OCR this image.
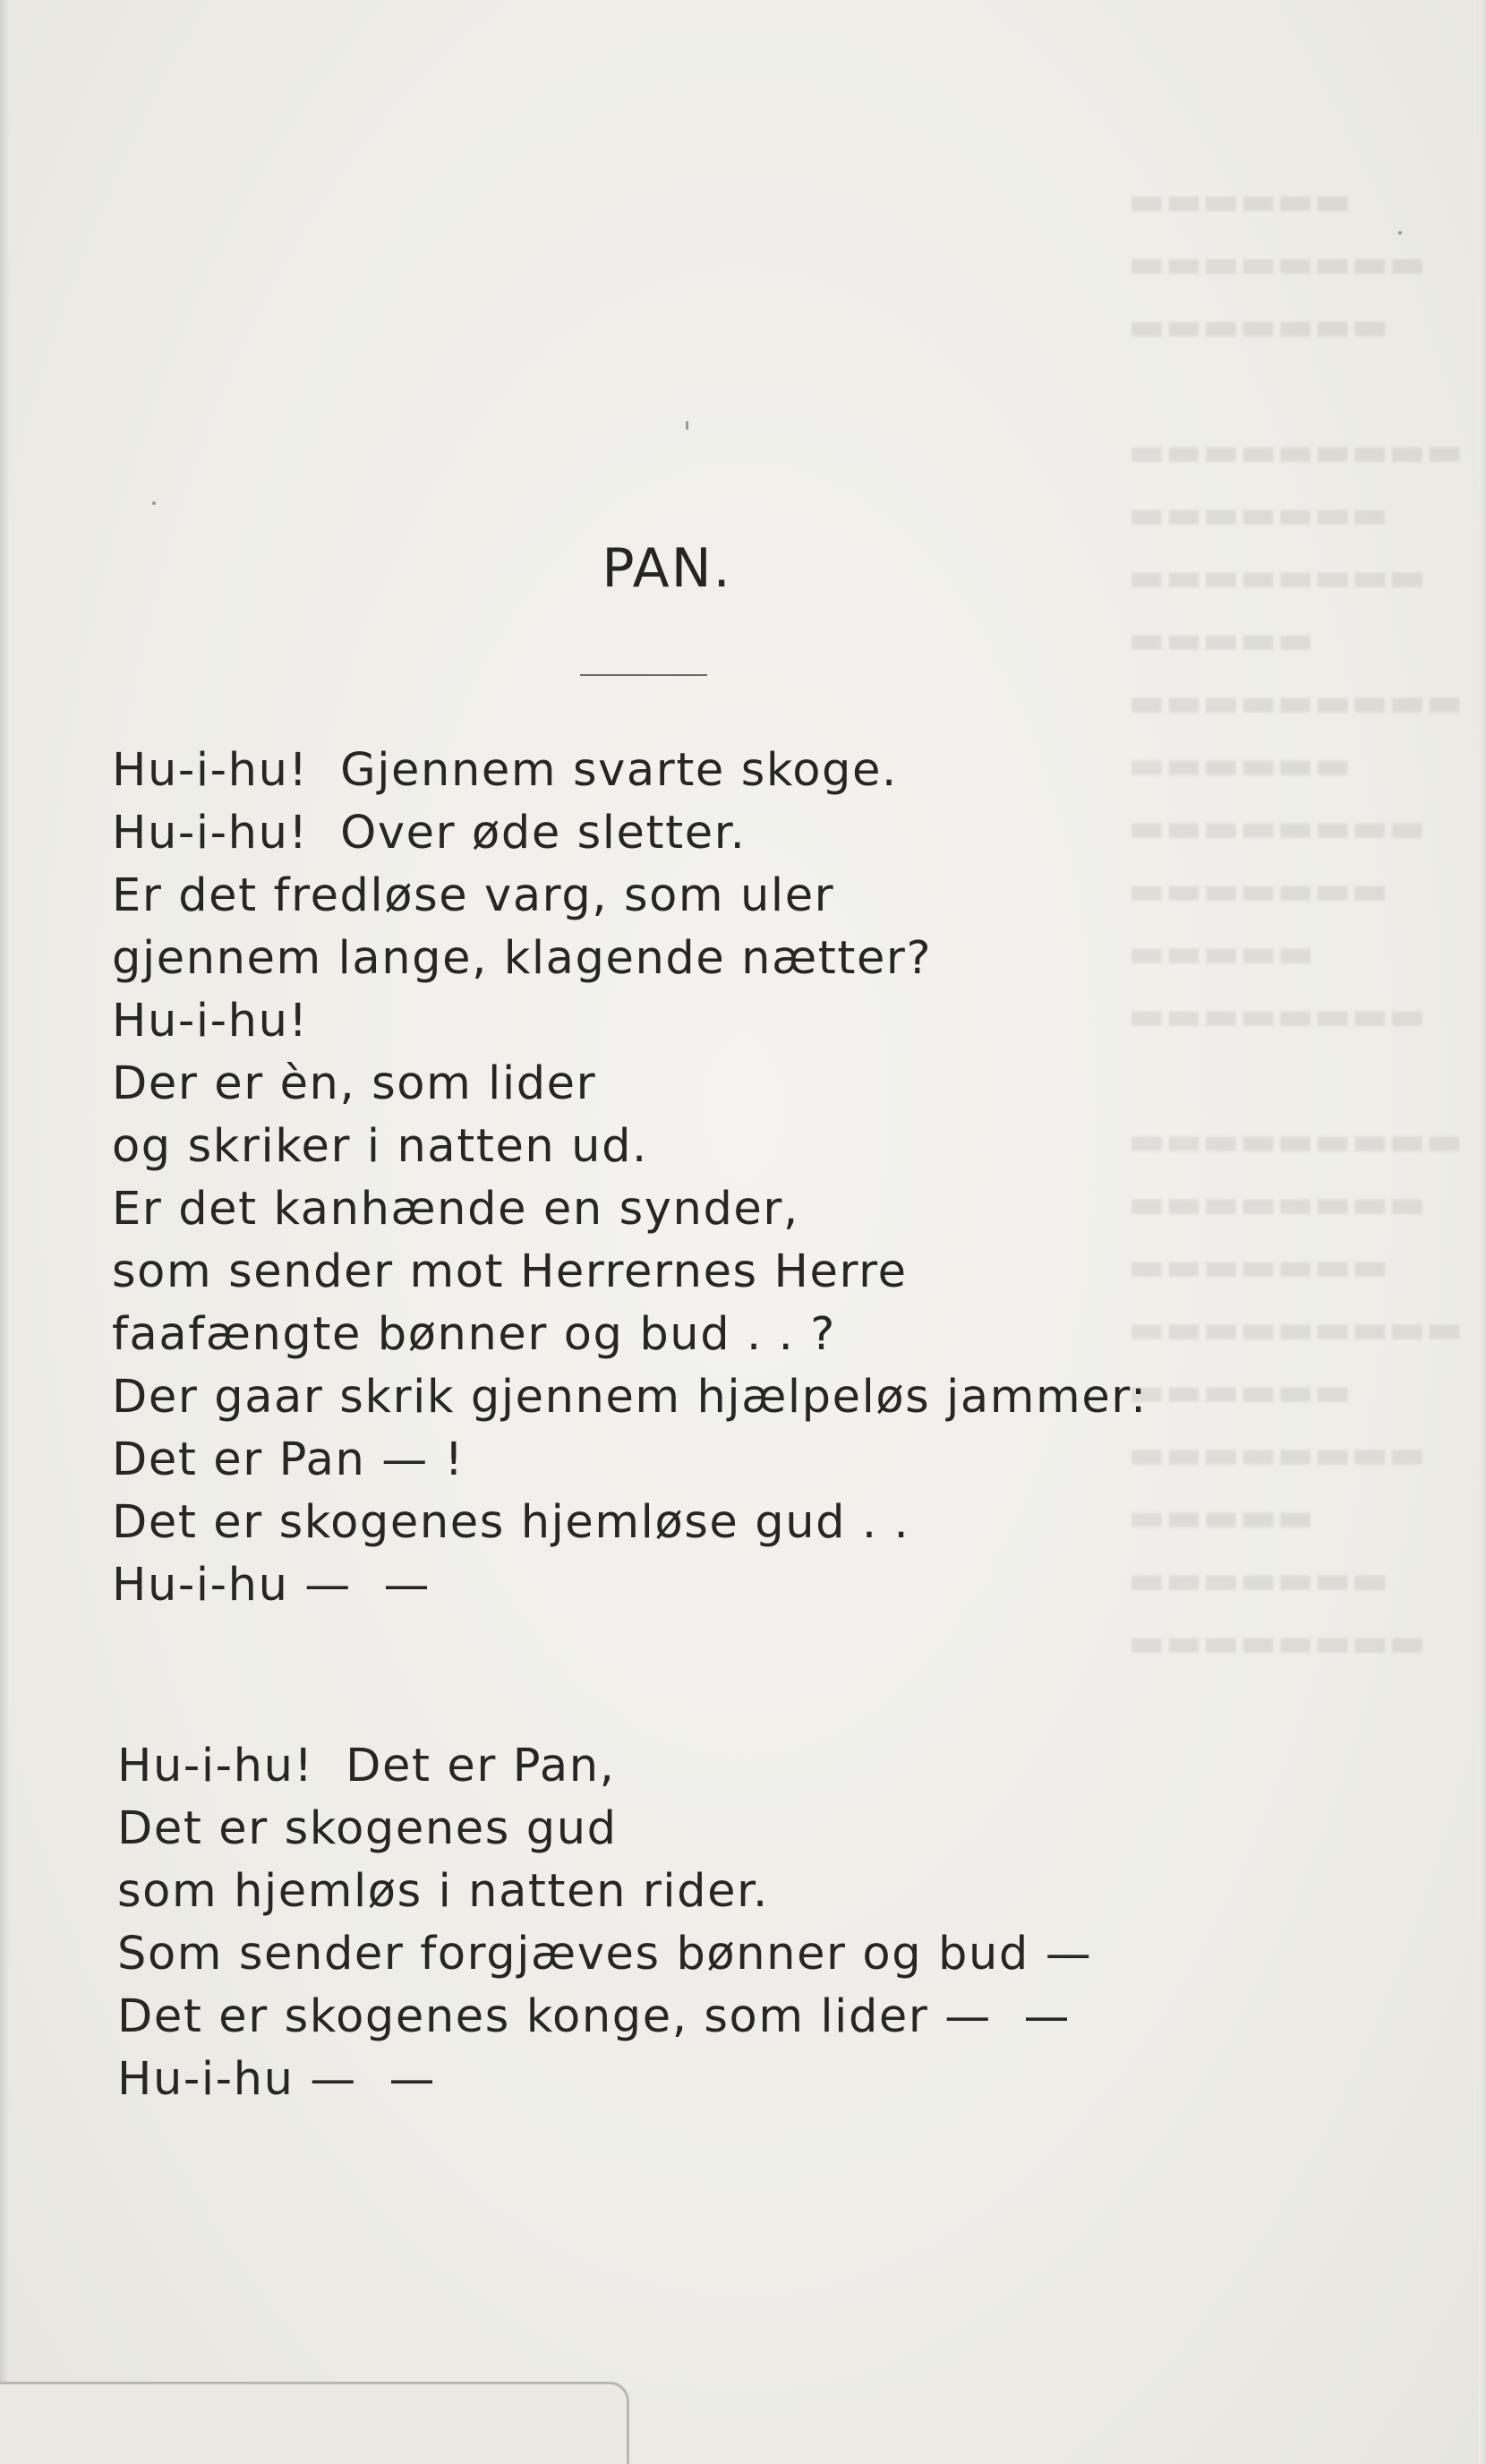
▬▬▬▬▬▬
▬▬▬▬▬▬▬▬
▬▬▬▬▬▬▬

▬▬▬▬▬▬▬▬▬
▬▬▬▬▬▬▬
▬▬▬▬▬▬▬▬
▬▬▬▬▬
▬▬▬▬▬▬▬▬▬
▬▬▬▬▬▬
▬▬▬▬▬▬▬▬
▬▬▬▬▬▬▬
▬▬▬▬▬
▬▬▬▬▬▬▬▬

▬▬▬▬▬▬▬▬▬
▬▬▬▬▬▬▬▬
▬▬▬▬▬▬▬
▬▬▬▬▬▬▬▬▬
▬▬▬▬▬▬
▬▬▬▬▬▬▬▬
▬▬▬▬▬
▬▬▬▬▬▬▬
▬▬▬▬▬▬▬▬
PAN.
Hu-i-hu!  Gjennem svarte skoge.
Hu-i-hu!  Over øde sletter.
Er det fredløse varg, som uler
gjennem lange, klagende nætter?
Hu-i-hu!
Der er èn, som lider
og skriker i natten ud.
Er det kanhænde en synder,
som sender mot Herrernes Herre
faafængte bønner og bud . . ?
Der gaar skrik gjennem hjælpeløs jammer:
Det er Pan — !
Det er skogenes hjemløse gud . .
Hu-i-hu —  —
Hu-i-hu!  Det er Pan,
Det er skogenes gud
som hjemløs i natten rider.
Som sender forgjæves bønner og bud —
Det er skogenes konge, som lider —  —
Hu-i-hu —  —
